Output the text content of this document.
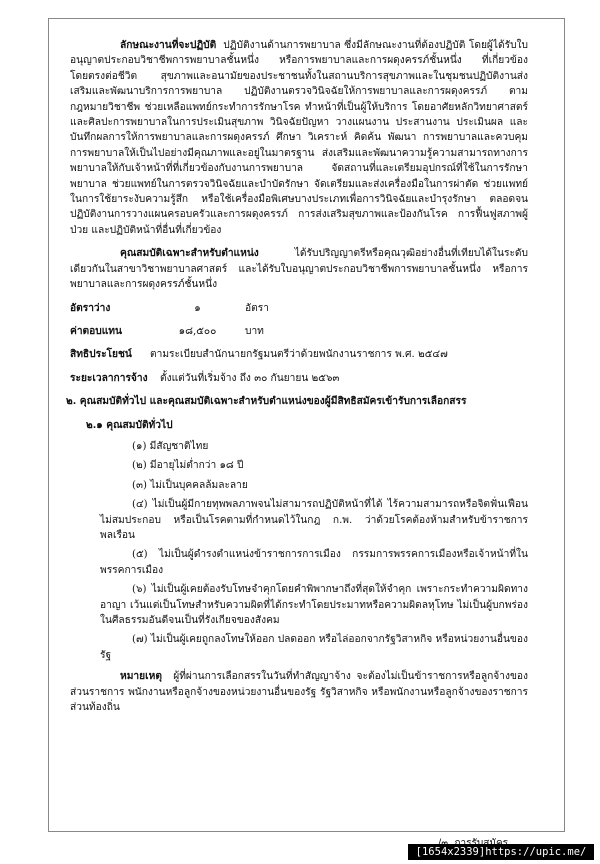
ลักษณะงานที่จะปฏิบัติ ปฏิบัติงานด้านการพยาบาล ซึ่งมีลักษณะงานที่ต้องปฏิบัติ โดยผู้ได้รับใบอนุญาตประกอบวิชาชีพการพยาบาลชั้นหนึ่ง หรือการพยาบาลและการผดุงครรภ์ชั้นหนึ่ง ที่เกี่ยวข้องโดยตรงต่อชีวิต สุขภาพและอนามัยของประชาชนทั้งในสถานบริการสุขภาพและในชุมชนปฏิบัติงานส่งเสริมและพัฒนาบริการการพยาบาล ปฏิบัติงานตรวจวินิจฉัยให้การพยาบาลและการผดุงครรภ์ ตามกฎหมายวิชาชีพ ช่วยเหลือแพทย์กระทำการรักษาโรค ทำหน้าที่เป็นผู้ให้บริการ โดยอาศัยหลักวิทยาศาสตร์และศิลปะการพยาบาลในการประเมินสุขภาพ วินิจฉัยปัญหา วางแผนงาน ประสานงาน ประเมินผล และบันทึกผลการให้การพยาบาลและการผดุงครรภ์ ศึกษา วิเคราะห์ คิดค้น พัฒนา การพยาบาลและควบคุม การพยาบาลให้เป็นไปอย่างมีคุณภาพและอยู่ในมาตรฐาน ส่งเสริมและพัฒนาความรู้ความสามารถทางการพยาบาลให้กับเจ้าหน้าที่ที่เกี่ยวข้องกับงานการพยาบาล จัดสถานที่และเตรียมอุปกรณ์ที่ใช้ในการรักษาพยาบาล ช่วยแพทย์ในการตรวจวินิจฉัยและบำบัดรักษา จัดเตรียมและส่งเครื่องมือในการผ่าตัด ช่วยแพทย์ในการใช้ยาระงับความรู้สึก หรือใช้เครื่องมือพิเศษบางประเภทเพื่อการวินิจฉัยและบำรุงรักษา ตลอดจนปฏิบัติงานการวางแผนครอบครัวและการผดุงครรภ์ การส่งเสริมสุขภาพและป้องกันโรค การฟื้นฟูสภาพผู้ป่วย และปฏิบัติหน้าที่อื่นที่เกี่ยวข้อง

คุณสมบัติเฉพาะสำหรับตำแหน่ง	ได้รับปริญญาตรีหรือคุณวุฒิอย่างอื่นที่เทียบได้ในระดับเดียวกันในสาขาวิชาพยาบาลศาสตร์ และได้รับใบอนุญาตประกอบวิชาชีพการพยาบาลชั้นหนึ่ง หรือการพยาบาลและการผดุงครรภ์ชั้นหนึ่ง

อัตราว่าง	๑	อัตรา
ค่าตอบแทน	๑๘,๕๐๐	บาท
สิทธิประโยชน์	ตามระเบียบสำนักนายกรัฐมนตรีว่าด้วยพนักงานราชการ พ.ศ. ๒๕๔๗
ระยะเวลาการจ้าง	ตั้งแต่วันที่เริ่มจ้าง ถึง ๓๐ กันยายน ๒๕๖๓
๒. คุณสมบัติทั่วไป และคุณสมบัติเฉพาะสำหรับตำแหน่งของผู้มีสิทธิสมัครเข้ารับการเลือกสรร
๒.๑ คุณสมบัติทั่วไป
(๑) มีสัญชาติไทย
(๒) มีอายุไม่ต่ำกว่า ๑๘ ปี
(๓) ไม่เป็นบุคคลล้มละลาย
(๔) ไม่เป็นผู้มีกายทุพพลภาพจนไม่สามารถปฏิบัติหน้าที่ได้ ไร้ความสามารถหรือจิตฟั่นเฟือนไม่สมประกอบ หรือเป็นโรคตามที่กำหนดไว้ในกฎ ก.พ. ว่าด้วยโรคต้องห้ามสำหรับข้าราชการพลเรือน
(๕) ไม่เป็นผู้ดำรงตำแหน่งข้าราชการการเมือง กรรมการพรรคการเมืองหรือเจ้าหน้าที่ในพรรคการเมือง
(๖) ไม่เป็นผู้เคยต้องรับโทษจำคุกโดยคำพิพากษาถึงที่สุดให้จำคุก เพราะกระทำความผิดทางอาญา เว้นแต่เป็นโทษสำหรับความผิดที่ได้กระทำโดยประมาทหรือความผิดลหุโทษ ไม่เป็นผู้บกพร่องในศีลธรรมอันดีจนเป็นที่รังเกียจของสังคม
(๗) ไม่เป็นผู้เคยถูกลงโทษให้ออก ปลดออก หรือไล่ออกจากรัฐวิสาหกิจ หรือหน่วยงานอื่นของรัฐ

หมายเหตุ ผู้ที่ผ่านการเลือกสรรในวันที่ทำสัญญาจ้าง จะต้องไม่เป็นข้าราชการหรือลูกจ้างของส่วนราชการ พนักงานหรือลูกจ้างของหน่วยงานอื่นของรัฐ รัฐวิสาหกิจ หรือพนักงานหรือลูกจ้างของราชการส่วนท้องถิ่น

[1654x2339]https://upic.me/
